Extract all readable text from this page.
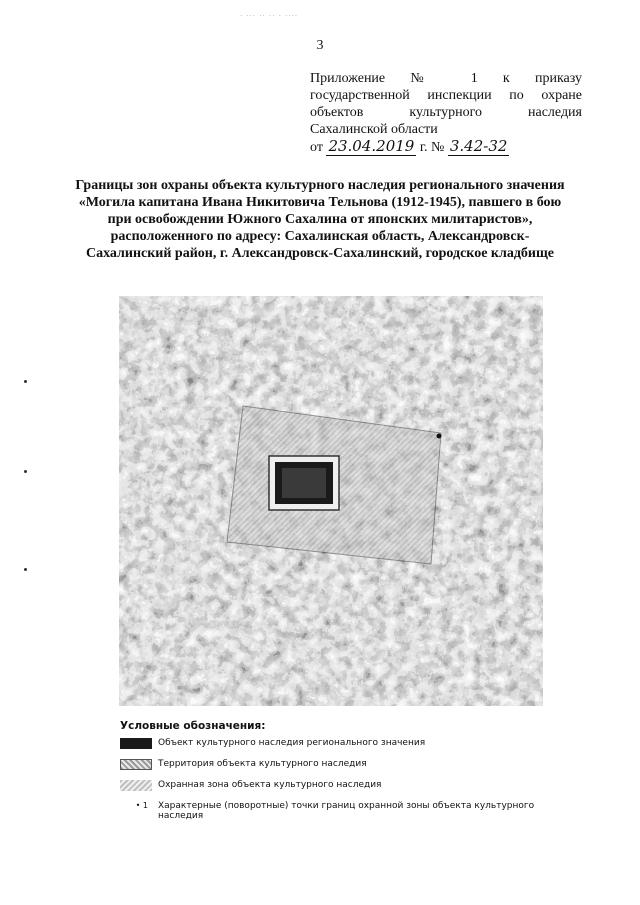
· ··· ·· ·· · ····
3
Приложение № 1 к приказу
государственной инспекции по охране
объектов культурного наследия
Сахалинской области
от 23.04.2019 г. № 3.42-32
Границы зон охраны объекта культурного наследия регионального значения «Могила капитана Ивана Никитовича Тельнова (1912-1945), павшего в бою при освобождении Южного Сахалина от японских милитаристов», расположенного по адресу: Сахалинская область, Александровск-Сахалинский район, г. Александровск-Сахалинский, городское кладбище
Условные обозначения:
Объект культурного наследия регионального значения
Территория объекта культурного наследия
Охранная зона объекта культурного наследия
• 1	Характерные (поворотные) точки границ охранной зоны объекта культурного наследия
